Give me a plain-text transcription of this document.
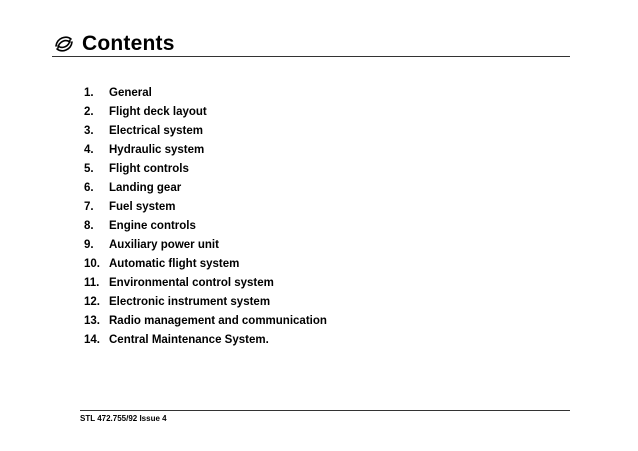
Contents
1.	General
2.	Flight deck layout
3.	Electrical system
4.	Hydraulic system
5.	Flight controls
6.	Landing gear
7.	Fuel system
8.	Engine controls
9.	Auxiliary power unit
10. Automatic flight system
11. Environmental control system
12. Electronic instrument system
13. Radio management and communication
14. Central Maintenance System.
STL 472.755/92 Issue 4
